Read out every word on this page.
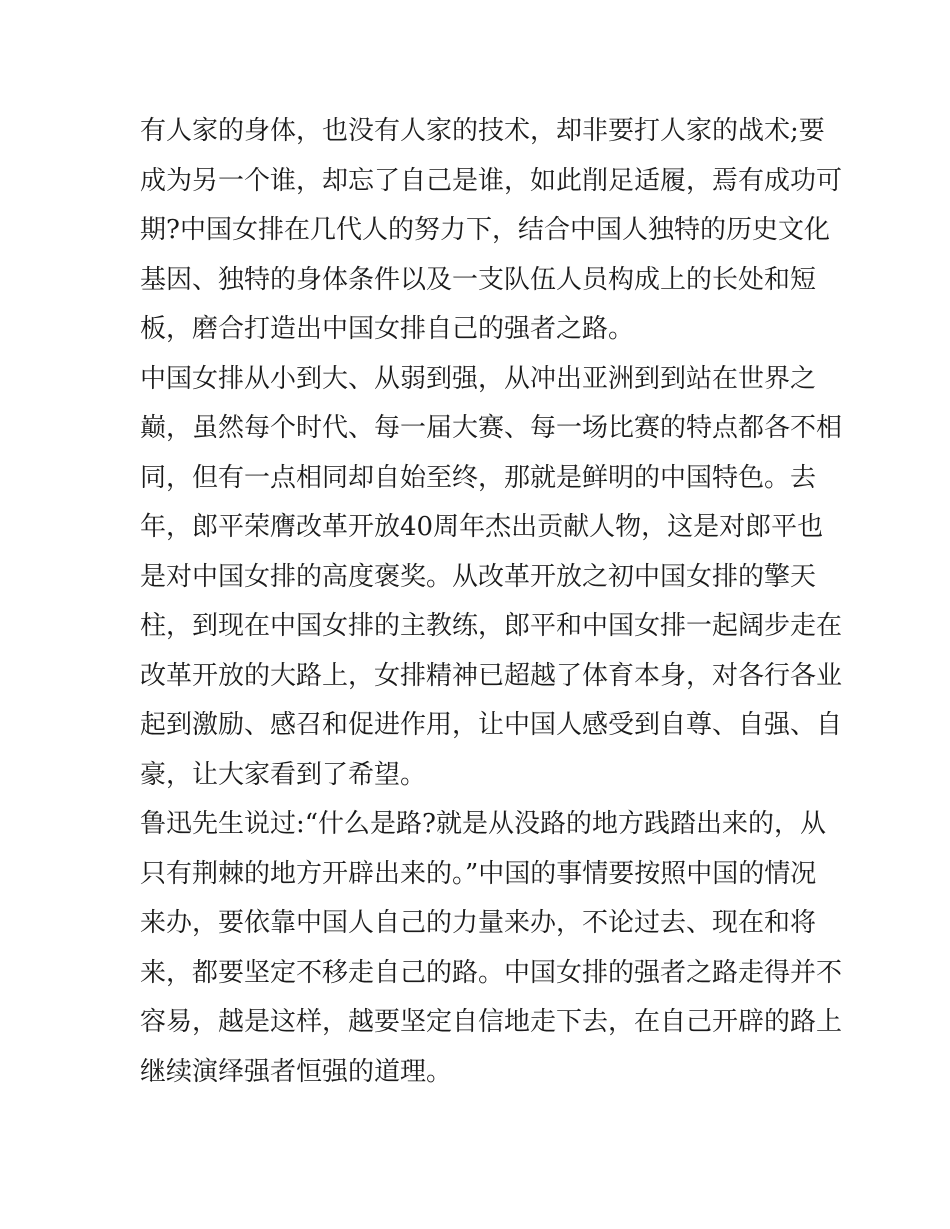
有人家的身体，也没有人家的技术，却非要打人家的战术;要
成为另一个谁，却忘了自己是谁，如此削足适履，焉有成功可
期?中国女排在几代人的努力下，结合中国人独特的历史文化
基因、独特的身体条件以及一支队伍人员构成上的长处和短
板，磨合打造出中国女排自己的强者之路。
中国女排从小到大、从弱到强，从冲出亚洲到到站在世界之
巅，虽然每个时代、每一届大赛、每一场比赛的特点都各不相
同，但有一点相同却自始至终，那就是鲜明的中国特色。去
年，郎平荣膺改革开放40周年杰出贡献人物，这是对郎平也
是对中国女排的高度褒奖。从改革开放之初中国女排的擎天
柱，到现在中国女排的主教练，郎平和中国女排一起阔步走在
改革开放的大路上，女排精神已超越了体育本身，对各行各业
起到激励、感召和促进作用，让中国人感受到自尊、自强、自
豪，让大家看到了希望。
鲁迅先生说过:“什么是路?就是从没路的地方践踏出来的，从
只有荆棘的地方开辟出来的。”中国的事情要按照中国的情况
来办，要依靠中国人自己的力量来办，不论过去、现在和将
来，都要坚定不移走自己的路。中国女排的强者之路走得并不
容易，越是这样，越要坚定自信地走下去，在自己开辟的路上
继续演绎强者恒强的道理。
